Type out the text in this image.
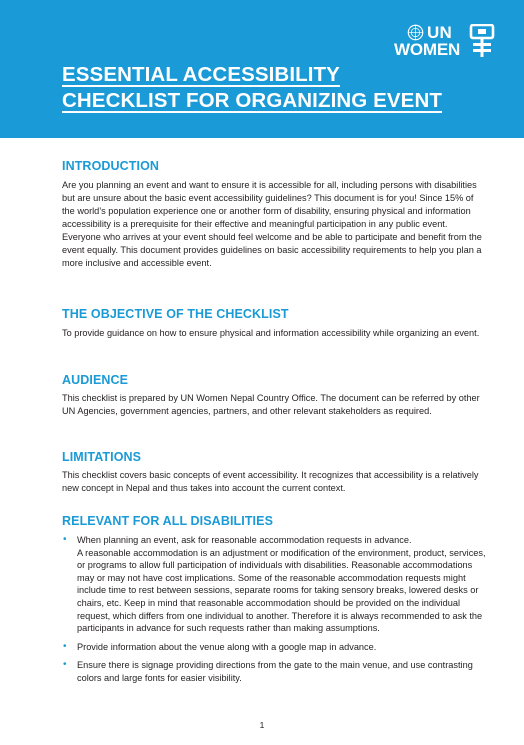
ESSENTIAL ACCESSIBILITY
CHECKLIST FOR ORGANIZING EVENT
UN
WOMEN
INTRODUCTION

Are you planning an event and want to ensure it is accessible for all, including persons with disabilities but are unsure about the basic event accessibility guidelines? This document is for you! Since 15% of the world’s population experience one or another form of disability, ensuring physical and information accessibility is a prerequisite for their effective and meaningful participation in any public event. Everyone who arrives at your event should feel welcome and be able to participate and benefit from the event equally. This document provides guidelines on basic accessibility requirements to help you plan a more inclusive and accessible event.

THE OBJECTIVE OF THE CHECKLIST

To provide guidance on how to ensure physical and information accessibility while organizing an event.

AUDIENCE

This checklist is prepared by UN Women Nepal Country Office. The document can be referred by other UN Agencies, government agencies, partners, and other relevant stakeholders as required.

LIMITATIONS

This checklist covers basic concepts of event accessibility. It recognizes that accessibility is a relatively new concept in Nepal and thus takes into account the current context.

RELEVANT FOR ALL DISABILITIES
• When planning an event, ask for reasonable accommodation requests in advance.
A reasonable accommodation is an adjustment or modification of the environment, product, services, or programs to allow full participation of individuals with disabilities. Reasonable accommodations may or may not have cost implications. Some of the reasonable accommodation requests might include time to rest between sessions, separate rooms for taking sensory breaks, lowered desks or chairs, etc. Keep in mind that reasonable accommodation should be provided on the individual request, which differs from one individual to another. Therefore it is always recommended to ask the participants in advance for such requests rather than making assumptions.
• Provide information about the venue along with a google map in advance.
• Ensure there is signage providing directions from the gate to the main venue, and use contrasting colors and large fonts for easier visibility.
1
